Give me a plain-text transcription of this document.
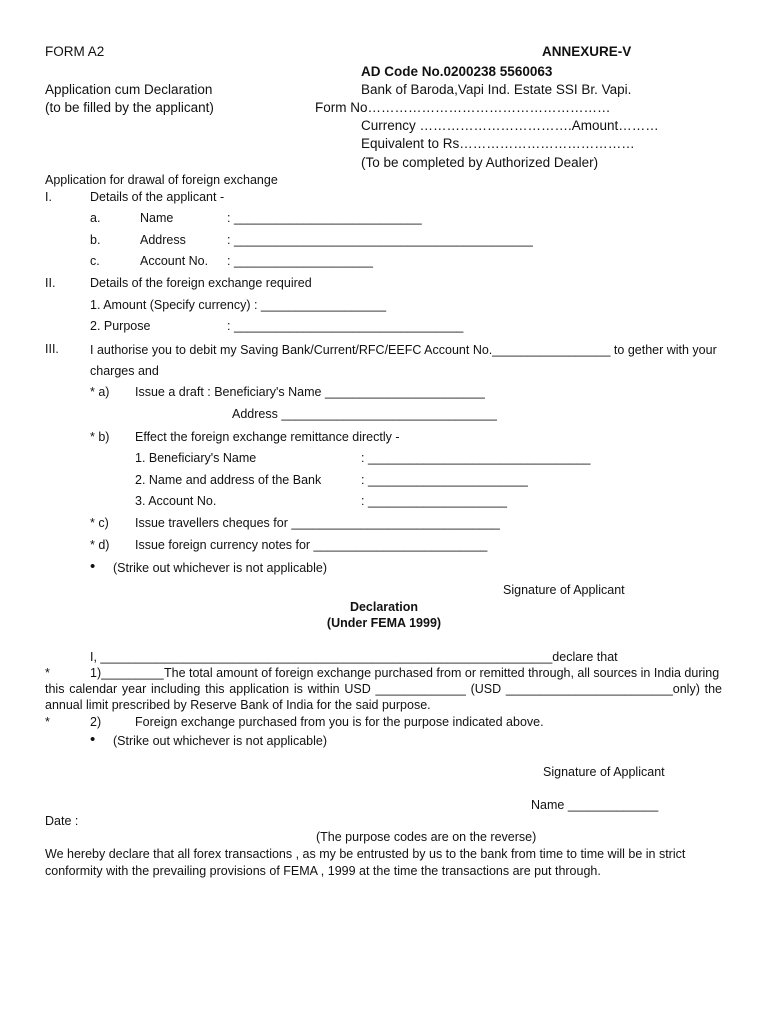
FORM A2	ANNEXURE-V
AD Code No.0200238 5560063
Application cum Declaration
(to be filled by the applicant)
Bank of Baroda,Vapi Ind. Estate SSI Br. Vapi.
Form No………………………………………………
Currency …………………………….Amount………
Equivalent to Rs…………………………………
(To be completed by Authorized Dealer)
Application for drawal of foreign exchange
I.	Details of the applicant -
a.	Name	: ___________________________
b.	Address	: ___________________________________________
c.	Account No. : ____________________
II.	Details of the foreign exchange required
1. Amount (Specify currency) : __________________
2. Purpose	: _________________________________
III. I authorise you to debit my Saving Bank/Current/RFC/EEFC Account No._________________ to gether with your
charges and
* a) Issue a draft : Beneficiary's Name _______________________
Address _______________________________
* b) Effect the foreign exchange remittance directly -
1. Beneficiary's Name	: ________________________________
2. Name and address of the Bank	: _______________________
3. Account No.	: ____________________
* c) Issue travellers cheques for ______________________________
* d) Issue foreign currency notes for _________________________
• (Strike out whichever is not applicable)
Signature of Applicant
Declaration
(Under FEMA 1999)
I, _________________________________________________________________declare that
*	1)_________ The total amount of foreign exchange purchased from or remitted through, all sources in India during
this calendar year including this application is within USD _____________ (USD ________________________only) the
annual limit prescribed by Reserve Bank of India for the said purpose.
*	2)	Foreign exchange purchased from you is for the purpose indicated above.
• (Strike out whichever is not applicable)
Signature of Applicant
Name _____________
Date :
(The purpose codes are on the reverse)
We hereby declare that all forex transactions , as my be entrusted by us to the bank from time to time will be in strict
conformity with the prevailing provisions of FEMA , 1999 at the time the transactions are put through.
